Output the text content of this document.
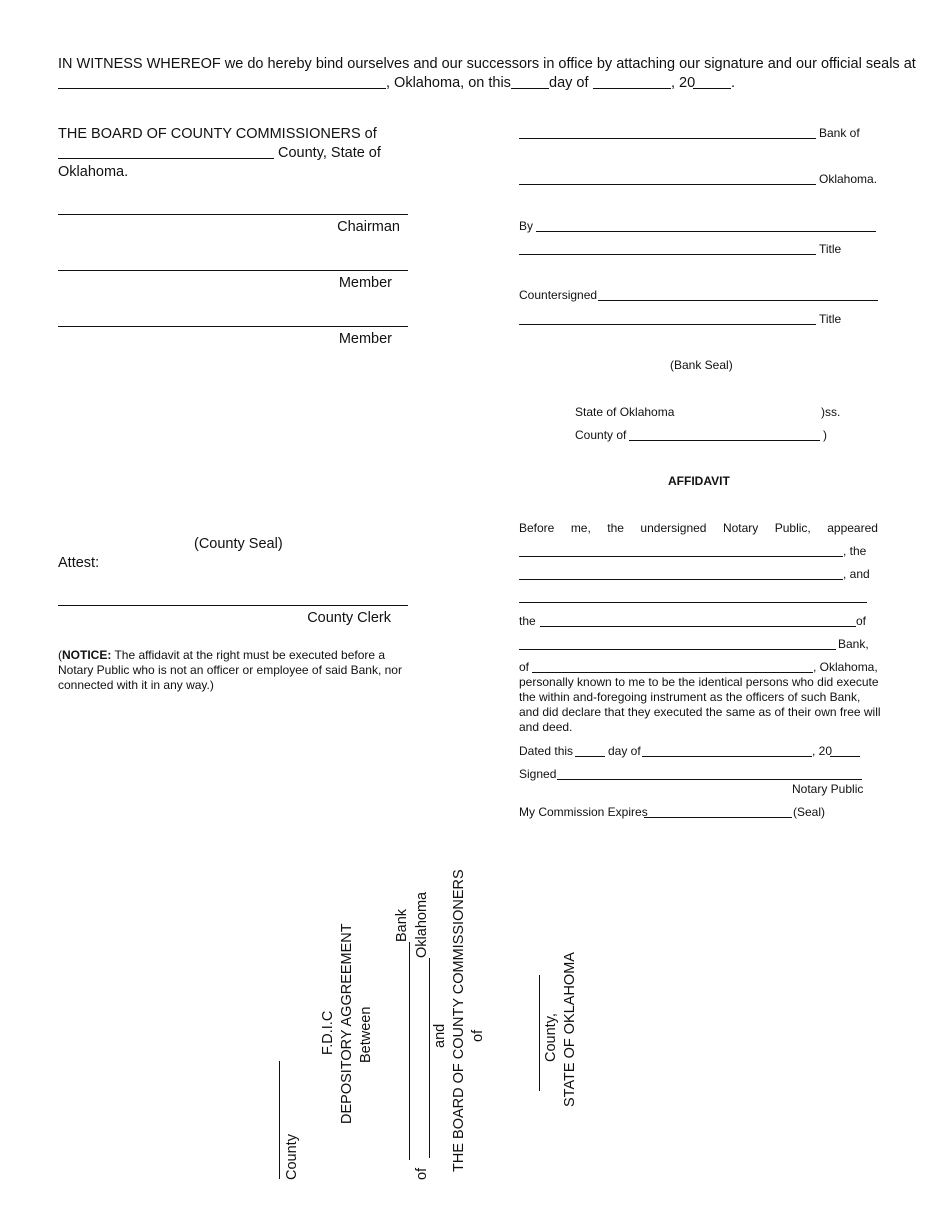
IN WITNESS WHEREOF we do hereby bind ourselves and our successors in office by attaching our signature and our official seals at
, Oklahoma, on this	day of	, 20 .
THE BOARD OF COUNTY COMMISSIONERS of
County, State of
Oklahoma.
Chairman
Member
Member
(County Seal)
Attest:
County Clerk
(NOTICE: The affidavit at the right must be executed before a Notary Public who is not an officer or employee of said Bank, nor connected with it in any way.)
Bank of
Oklahoma.
By
Title
Countersigned
Title
(Bank Seal)
State of Oklahoma	)ss.
County of	)
AFFIDAVIT
Before me, the undersigned Notary Public, appeared
, the
, and
the	of
Bank,
of	, Oklahoma,
personally known to me to be the identical persons who did execute the within and-foregoing instrument as the officers of such Bank, and did declare that they executed the same as of their own free will and deed.
Dated this	day of	, 20
Signed
Notary Public
My Commission Expires	(Seal)
County
F.D.I.C DEPOSITORY AGGREEMENT Between
of
Bank Oklahoma
and THE BOARD OF COUNTY COMMISSIONERS of	County, STATE OF OKLAHOMA
